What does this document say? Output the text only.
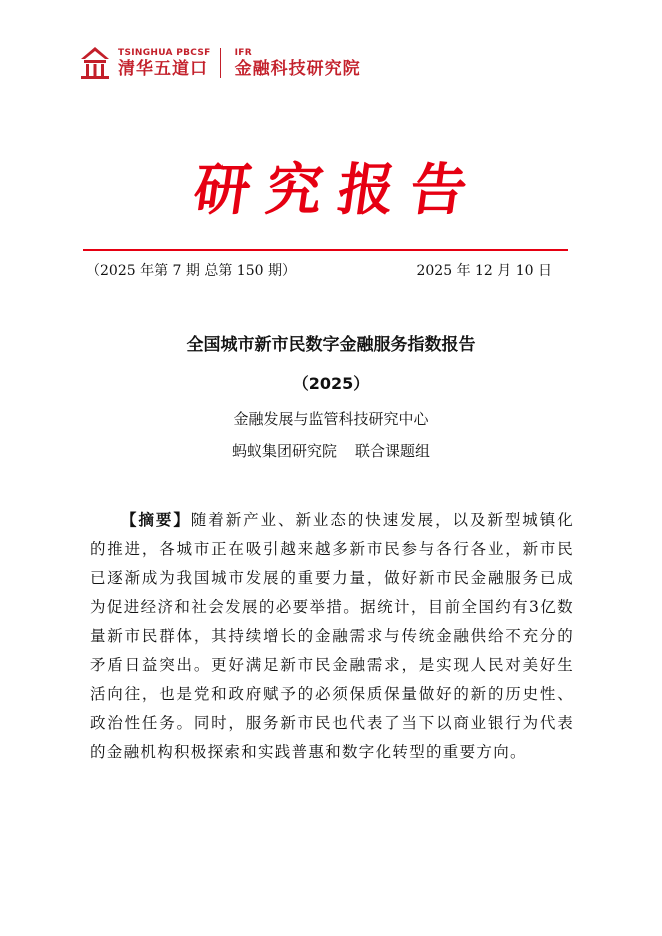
TSINGHUA PBCSF
清华五道口
IFR
金融科技研究院
研究报告
（2025 年第 7 期 总第 150 期）	2025 年 12 月 10 日
全国城市新市民数字金融服务指数报告
（2025）
金融发展与监管科技研究中心
蚂蚁集团研究院 联合课题组

【摘要】随着新产业、新业态的快速发展，以及新型城镇化的推进，各城市正在吸引越来越多新市民参与各行各业，新市民已逐渐成为我国城市发展的重要力量，做好新市民金融服务已成为促进经济和社会发展的必要举措。据统计，目前全国约有3亿数量新市民群体，其持续增长的金融需求与传统金融供给不充分的矛盾日益突出。更好满足新市民金融需求，是实现人民对美好生活向往，也是党和政府赋予的必须保质保量做好的新的历史性、政治性任务。同时，服务新市民也代表了当下以商业银行为代表的金融机构积极探索和实践普惠和数字化转型的重要方向。
